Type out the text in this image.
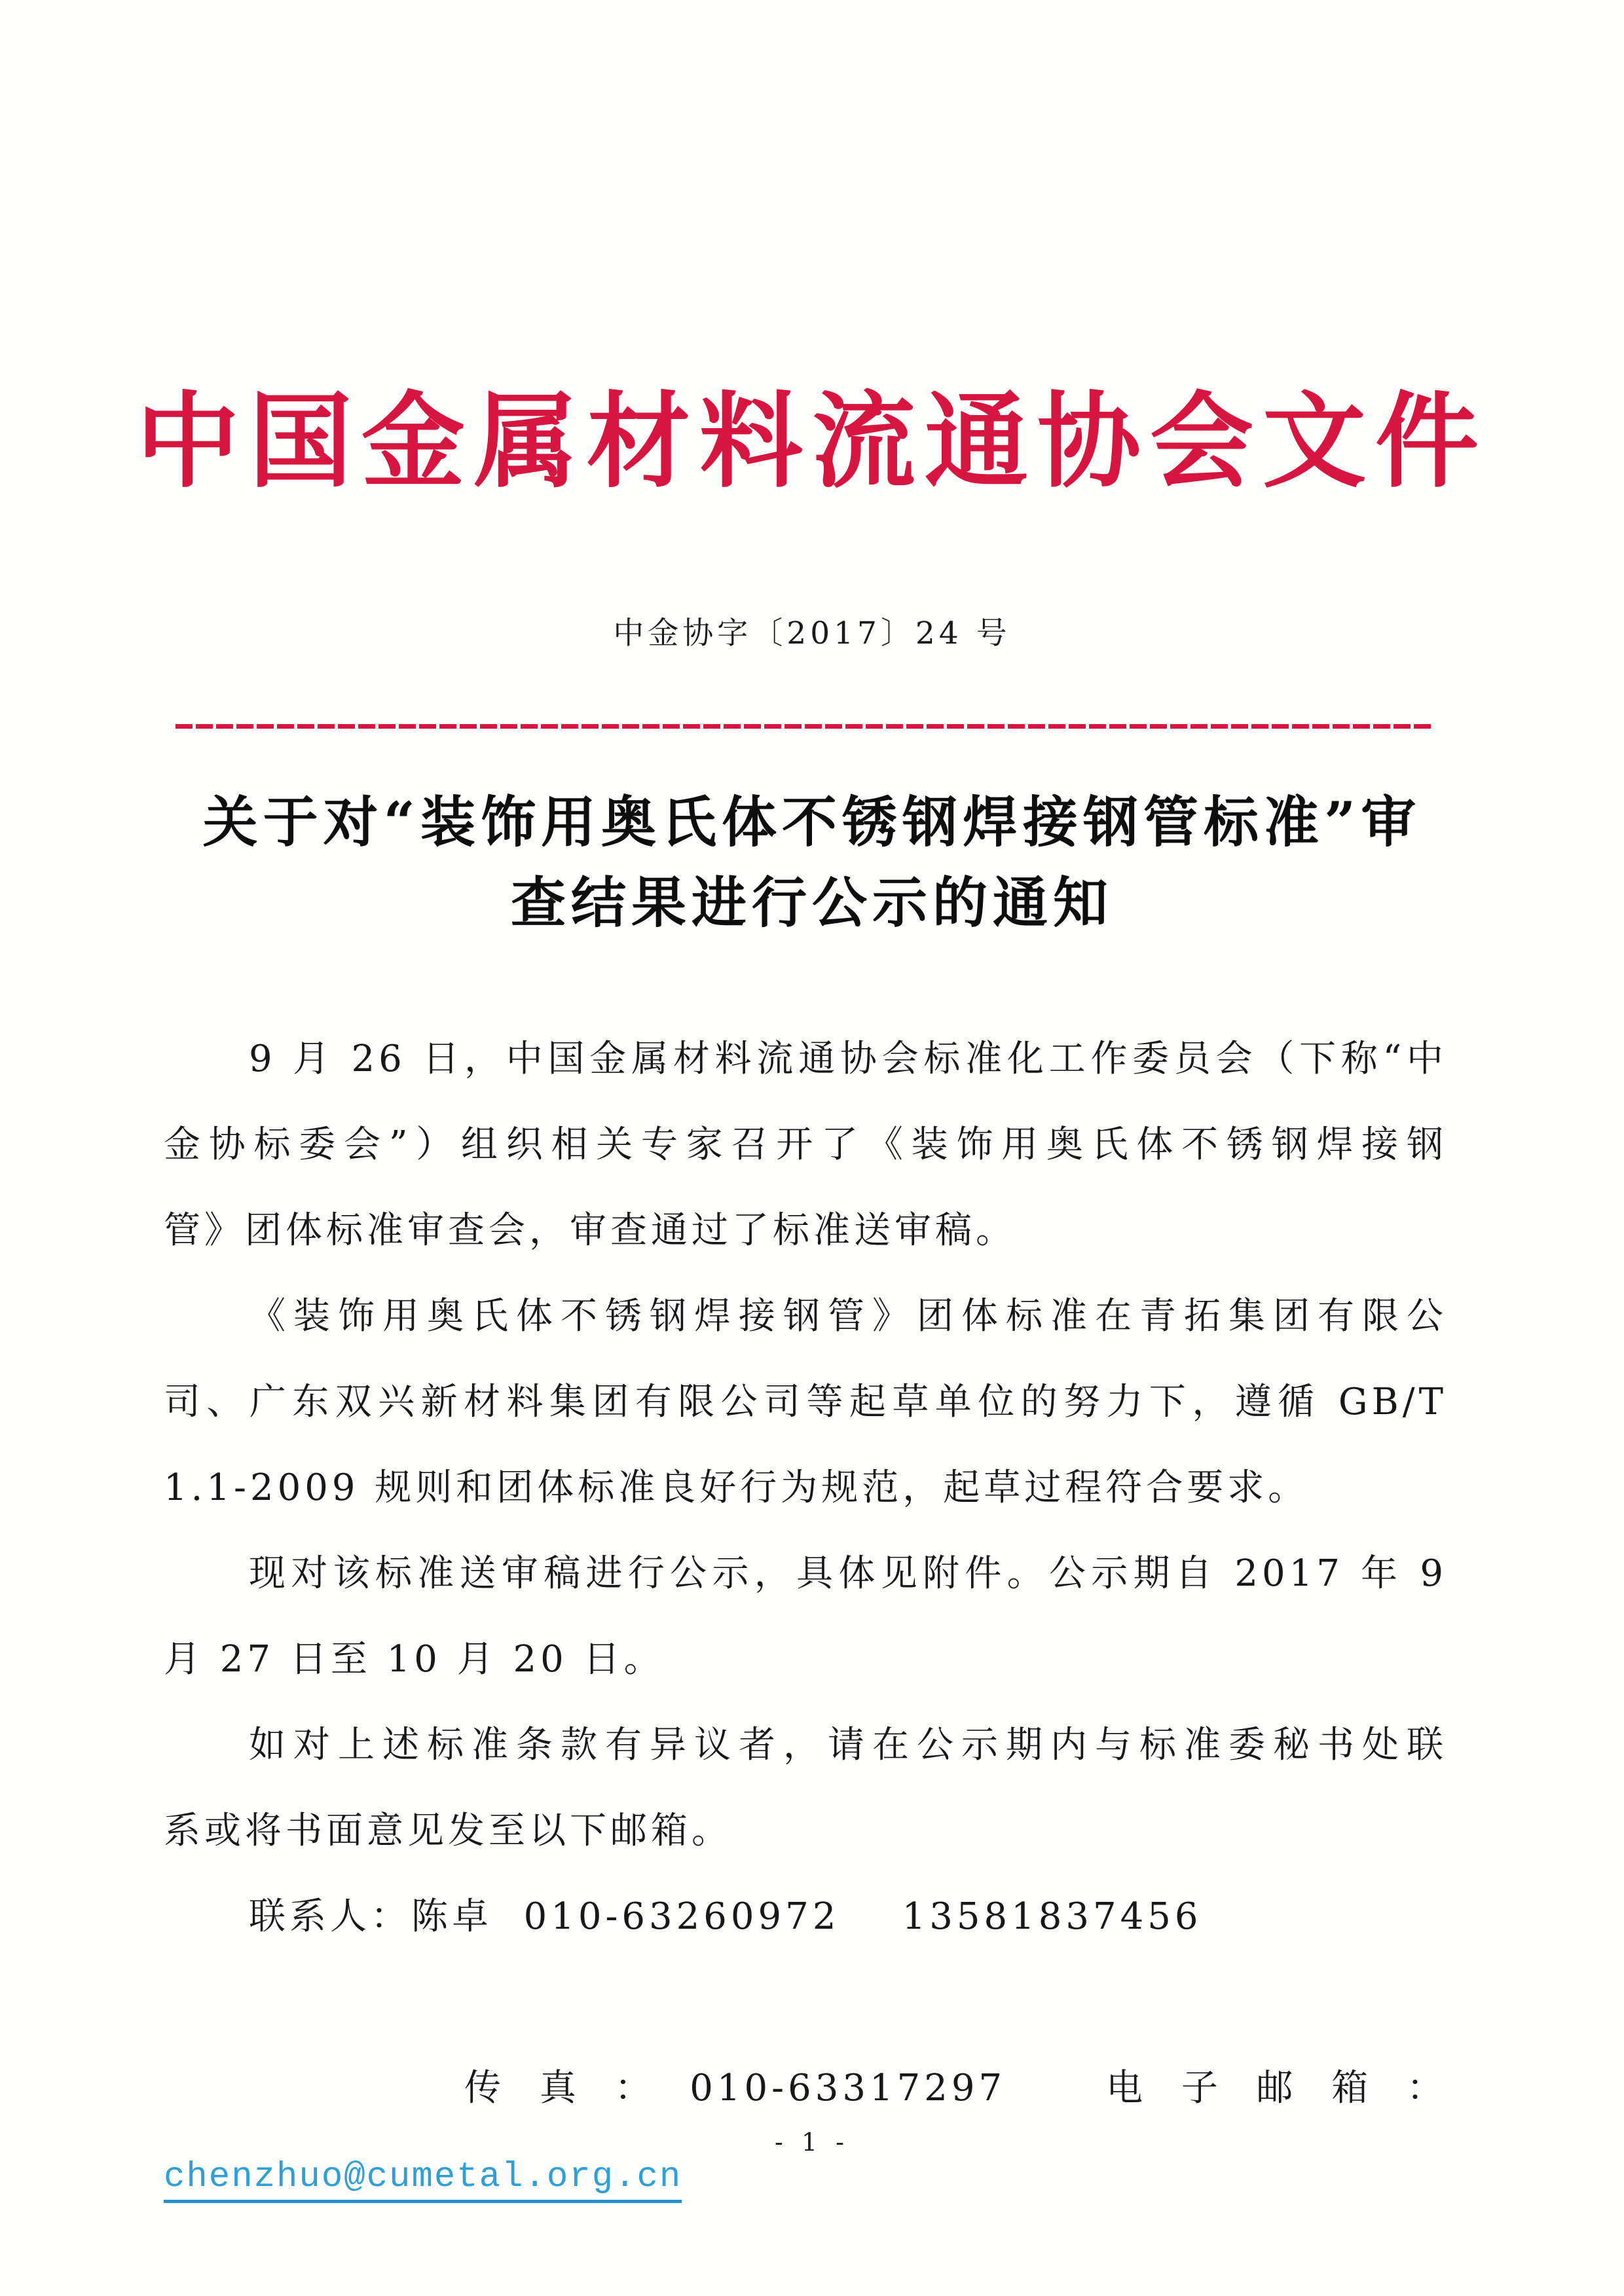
中国金属材料流通协会文件
中金协字〔2017〕24 号
关于对“装饰用奥氏体不锈钢焊接钢管标准”审
查结果进行公示的通知
9 月 26 日，中国金属材料流通协会标准化工作委员会（下称“中
金协标委会”）组织相关专家召开了《装饰用奥氏体不锈钢焊接钢
管》团体标准审查会，审查通过了标准送审稿。
《装饰用奥氏体不锈钢焊接钢管》团体标准在青拓集团有限公
司、广东双兴新材料集团有限公司等起草单位的努力下，遵循 GB/T
1.1-2009 规则和团体标准良好行为规范，起草过程符合要求。
现对该标准送审稿进行公示，具体见附件。公示期自 2017 年 9
月 27 日至 10 月 20 日。
如对上述标准条款有异议者，请在公示期内与标准委秘书处联
系或将书面意见发至以下邮箱。
联系人：陈卓  010-63260972    13581837456

传真：010-63317297  电子邮箱：chenzhuo@cumetal.org.cn

- 1 -
